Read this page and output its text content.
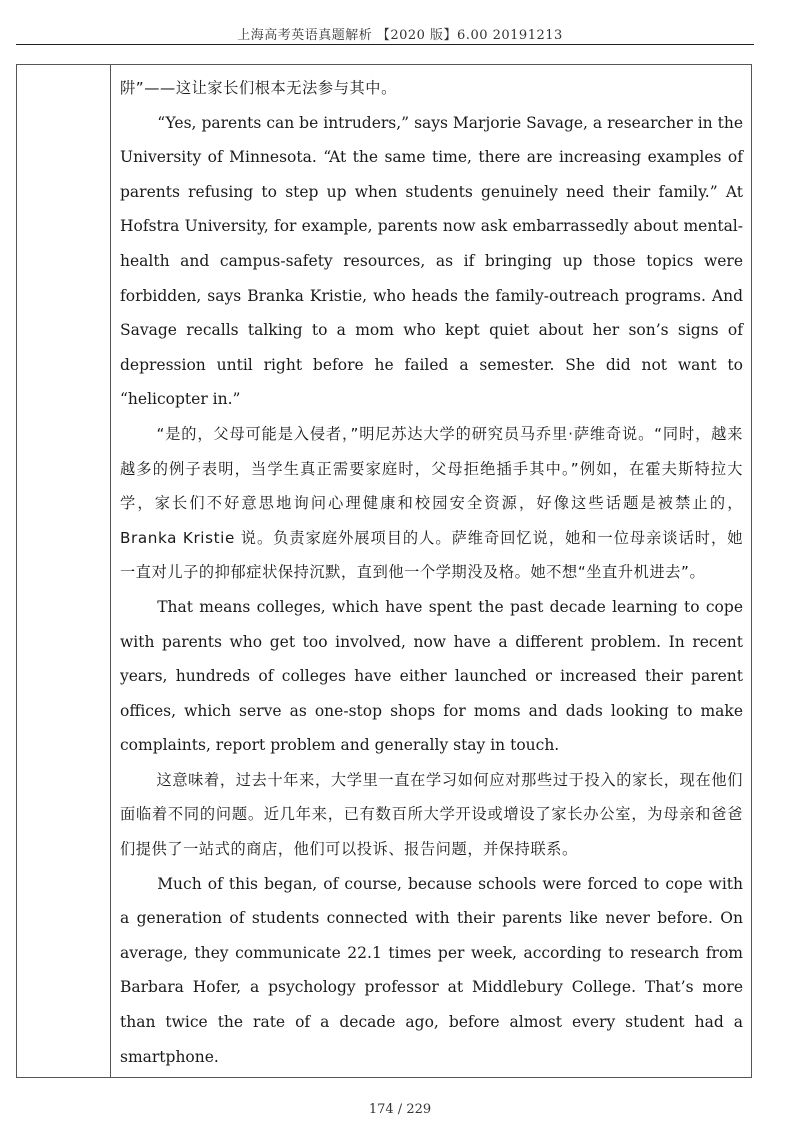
上海高考英语真题解析 【2020 版】6.00 20191213

阱”——这让家长们根本无法参与其中。

“Yes, parents can be intruders,” says Marjorie Savage, a researcher in the University of Minnesota. “At the same time, there are increasing examples of parents refusing to step up when students genuinely need their family.” At Hofstra University, for example, parents now ask embarrassedly about mental-health and campus-safety resources, as if bringing up those topics were forbidden, says Branka Kristie, who heads the family-outreach programs. And Savage recalls talking to a mom who kept quiet about her son’s signs of depression until right before he failed a semester. She did not want to “helicopter in.”

“是的，父母可能是入侵者，”明尼苏达大学的研究员马乔里·萨维奇说。“同时，越来越多的例子表明，当学生真正需要家庭时，父母拒绝插手其中。”例如，在霍夫斯特拉大学，家长们不好意思地询问心理健康和校园安全资源，好像这些话题是被禁止的，Branka Kristie 说。负责家庭外展项目的人。萨维奇回忆说，她和一位母亲谈话时，她一直对儿子的抑郁症状保持沉默，直到他一个学期没及格。她不想“坐直升机进去”。

That means colleges, which have spent the past decade learning to cope with parents who get too involved, now have a different problem. In recent years, hundreds of colleges have either launched or increased their parent offices, which serve as one-stop shops for moms and dads looking to make complaints, report problem and generally stay in touch.

这意味着，过去十年来，大学里一直在学习如何应对那些过于投入的家长，现在他们面临着不同的问题。近几年来，已有数百所大学开设或增设了家长办公室，为母亲和爸爸们提供了一站式的商店，他们可以投诉、报告问题，并保持联系。

Much of this began, of course, because schools were forced to cope with a generation of students connected with their parents like never before. On average, they communicate 22.1 times per week, according to research from Barbara Hofer, a psychology professor at Middlebury College. That’s more than twice the rate of a decade ago, before almost every student had a smartphone.

174 / 229
